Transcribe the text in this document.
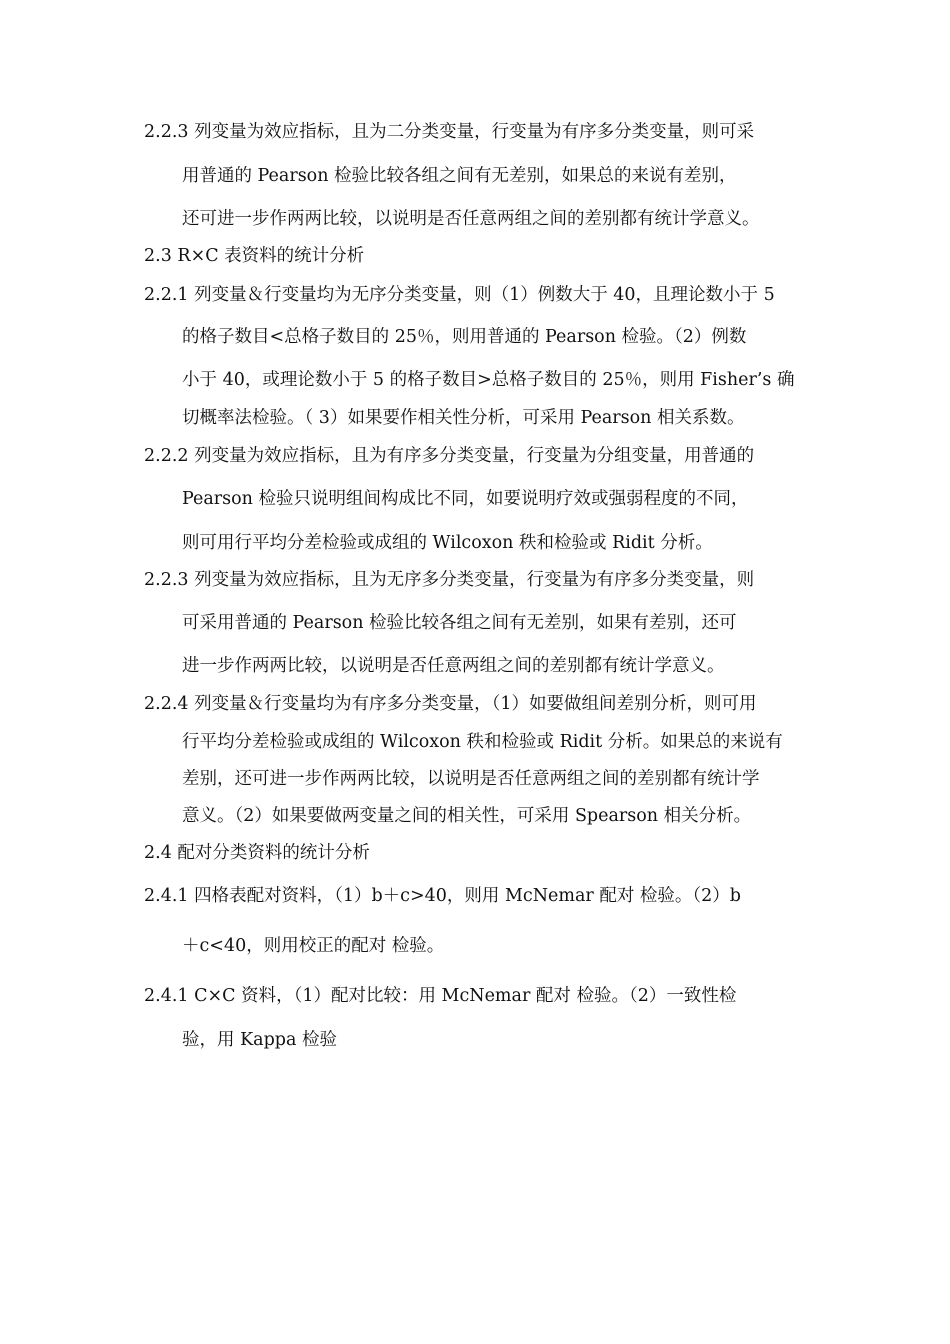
2.2.3 列变量为效应指标，且为二分类变量，行变量为有序多分类变量，则可采
用普通的 Pearson 检验比较各组之间有无差别，如果总的来说有差别，
还可进一步作两两比较，以说明是否任意两组之间的差别都有统计学意义。
2.3 R×C 表资料的统计分析
2.2.1 列变量＆行变量均为无序分类变量，则（1）例数大于 40，且理论数小于 5
的格子数目<总格子数目的 25％，则用普通的 Pearson 检验。（2）例数
小于 40，或理论数小于 5 的格子数目>总格子数目的 25％，则用 Fisher’s 确
切概率法检验。（ 3）如果要作相关性分析，可采用 Pearson 相关系数。
2.2.2 列变量为效应指标，且为有序多分类变量，行变量为分组变量，用普通的
Pearson 检验只说明组间构成比不同，如要说明疗效或强弱程度的不同，
则可用行平均分差检验或成组的 Wilcoxon 秩和检验或 Ridit 分析。
2.2.3 列变量为效应指标，且为无序多分类变量，行变量为有序多分类变量，则
可采用普通的 Pearson 检验比较各组之间有无差别，如果有差别，还可
进一步作两两比较，以说明是否任意两组之间的差别都有统计学意义。
2.2.4 列变量＆行变量均为有序多分类变量，（1）如要做组间差别分析，则可用
行平均分差检验或成组的 Wilcoxon 秩和检验或 Ridit 分析。如果总的来说有
差别，还可进一步作两两比较，以说明是否任意两组之间的差别都有统计学
意义。（2）如果要做两变量之间的相关性，可采用 Spearson 相关分析。
2.4 配对分类资料的统计分析
2.4.1 四格表配对资料，（1）b＋c>40，则用 McNemar 配对 检验。（2）b
＋c<40，则用校正的配对 检验。
2.4.1 C×C 资料，（1）配对比较：用 McNemar 配对 检验。（2）一致性检
验，用 Kappa 检验
